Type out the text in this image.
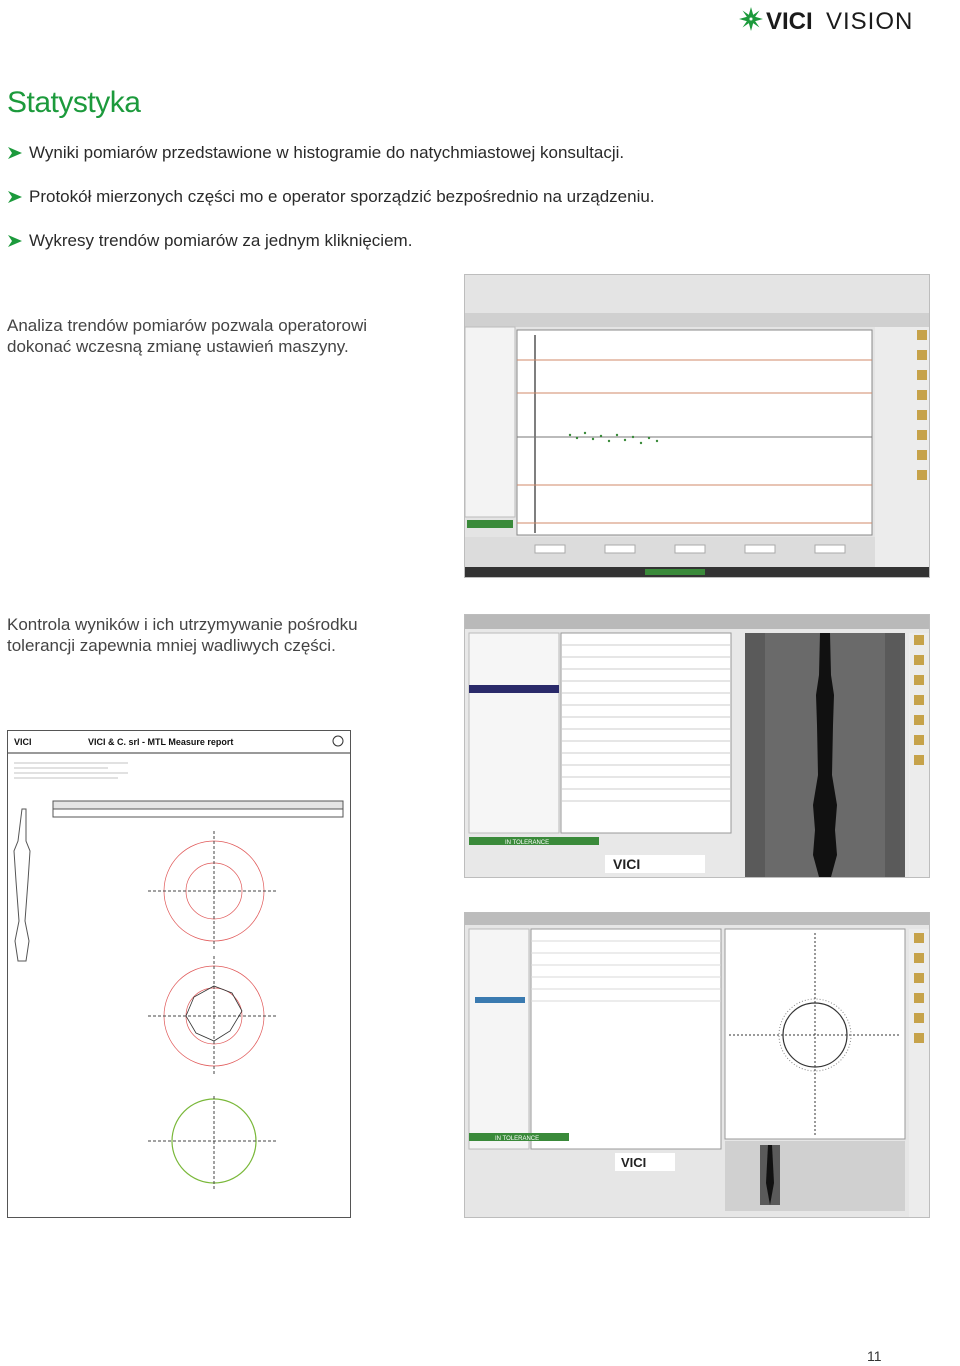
VICI VISION
Statystyka
Wyniki pomiarów przedstawione w histogramie do natychmiastowej konsultacji.
Protokół mierzonych części mo e operator sporządzić bezpośrednio na urządzeniu.
Wykresy trendów pomiarów za jednym kliknięciem.
Analiza trendów pomiarów pozwala operatorowi
dokonać wczesną zmianę ustawień maszyny.
Kontrola wyników i ich utrzymywanie pośrodku
tolerancji zapewnia mniej wadliwych części.
IN TOLERANCE
VICI
IN TOLERANCE
VICI
VICI	VICI & C. srl - MTL Measure report
11
